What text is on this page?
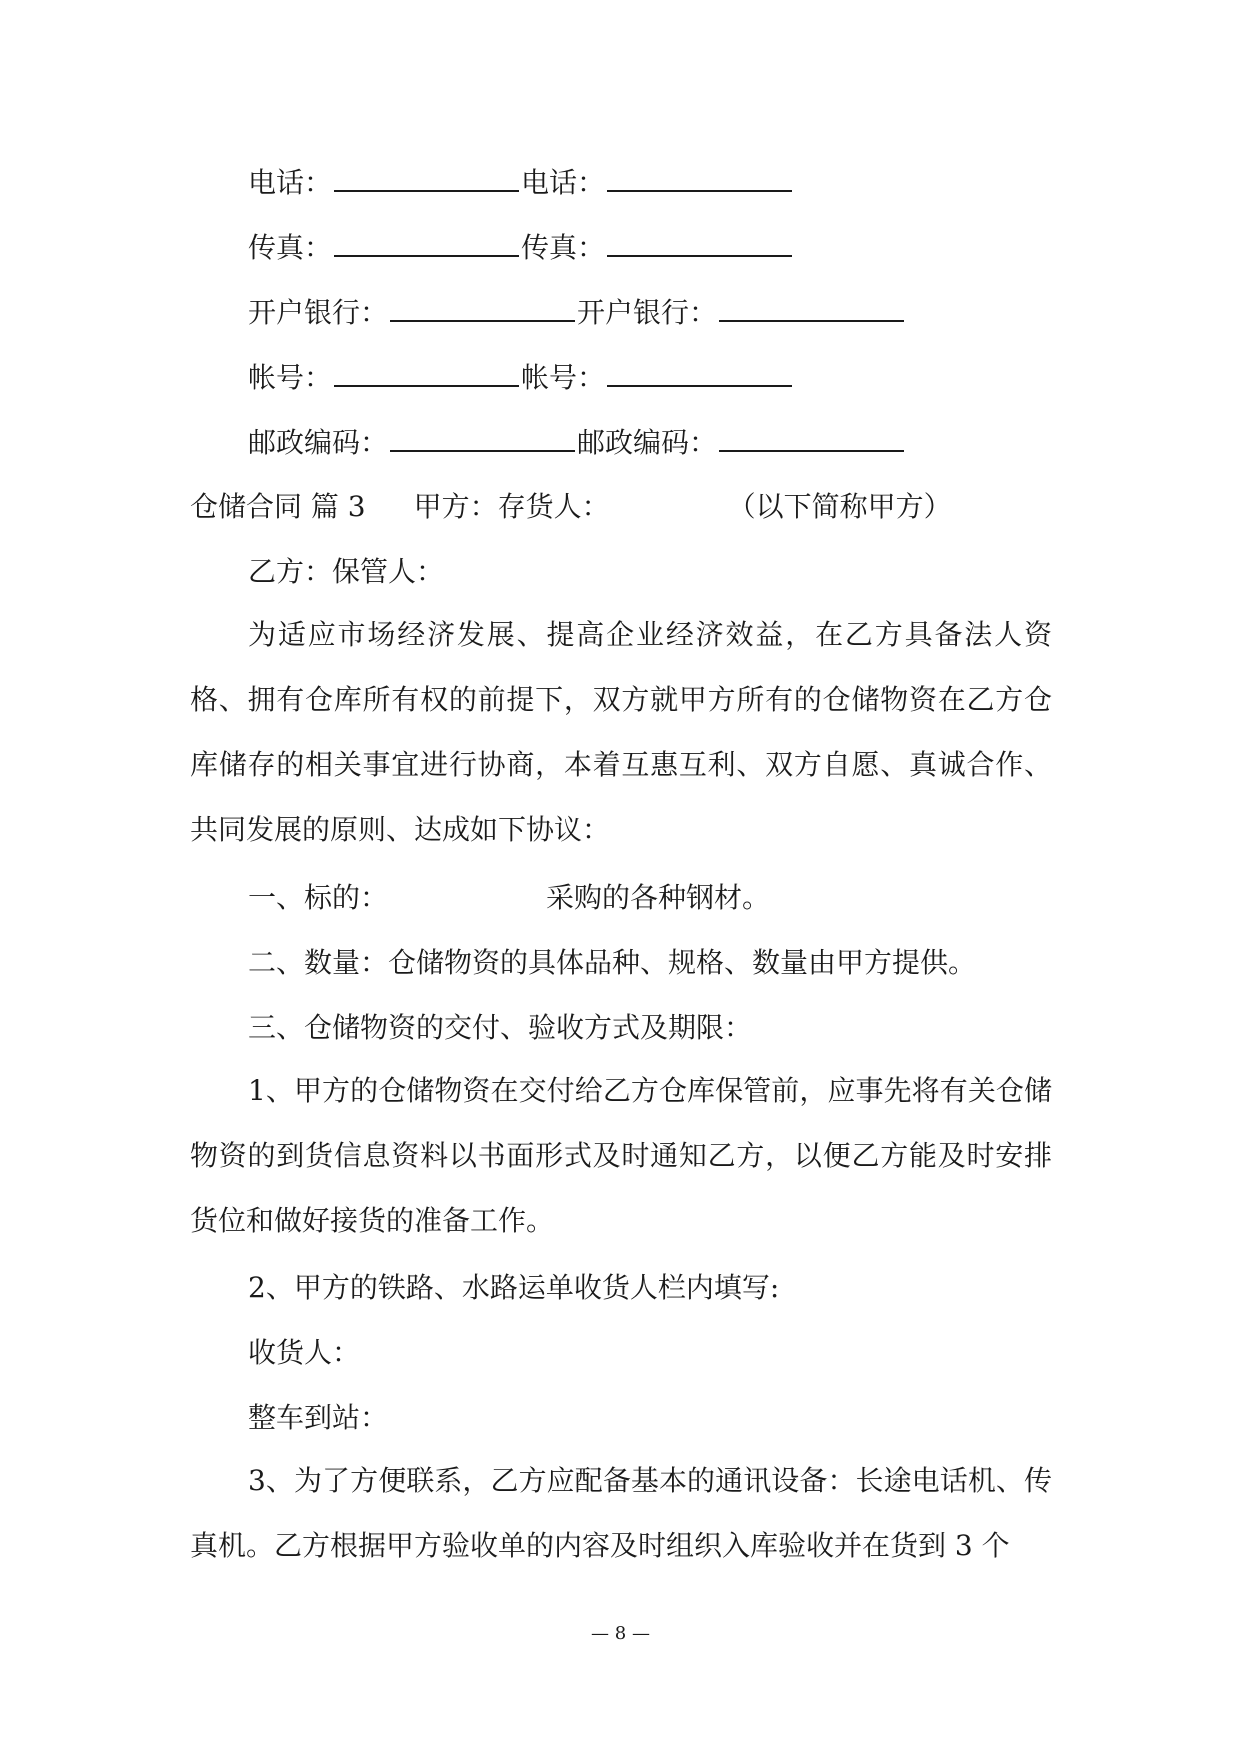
电话：	电话：
传真：	传真：
开户银行：	开户银行：
帐号：	帐号：
邮政编码：	邮政编码：
仓储合同 篇 3 甲方：存货人：	（以下简称甲方）
乙方：保管人：
为适应市场经济发展、提高企业经济效益，在乙方具备法人资格、拥有仓库所有权的前提下，双方就甲方所有的仓储物资在乙方仓库储存的相关事宜进行协商，本着互惠互利、双方自愿、真诚合作、共同发展的原则、达成如下协议：
一、标的：	采购的各种钢材。
二、数量：仓储物资的具体品种、规格、数量由甲方提供。
三、仓储物资的交付、验收方式及期限：
1、甲方的仓储物资在交付给乙方仓库保管前，应事先将有关仓储物资的到货信息资料以书面形式及时通知乙方，以便乙方能及时安排货位和做好接货的准备工作。
2、甲方的铁路、水路运单收货人栏内填写:
收货人：
整车到站：
3、为了方便联系，乙方应配备基本的通讯设备：长途电话机、传真机。乙方根据甲方验收单的内容及时组织入库验收并在货到 3 个
— 8 —
